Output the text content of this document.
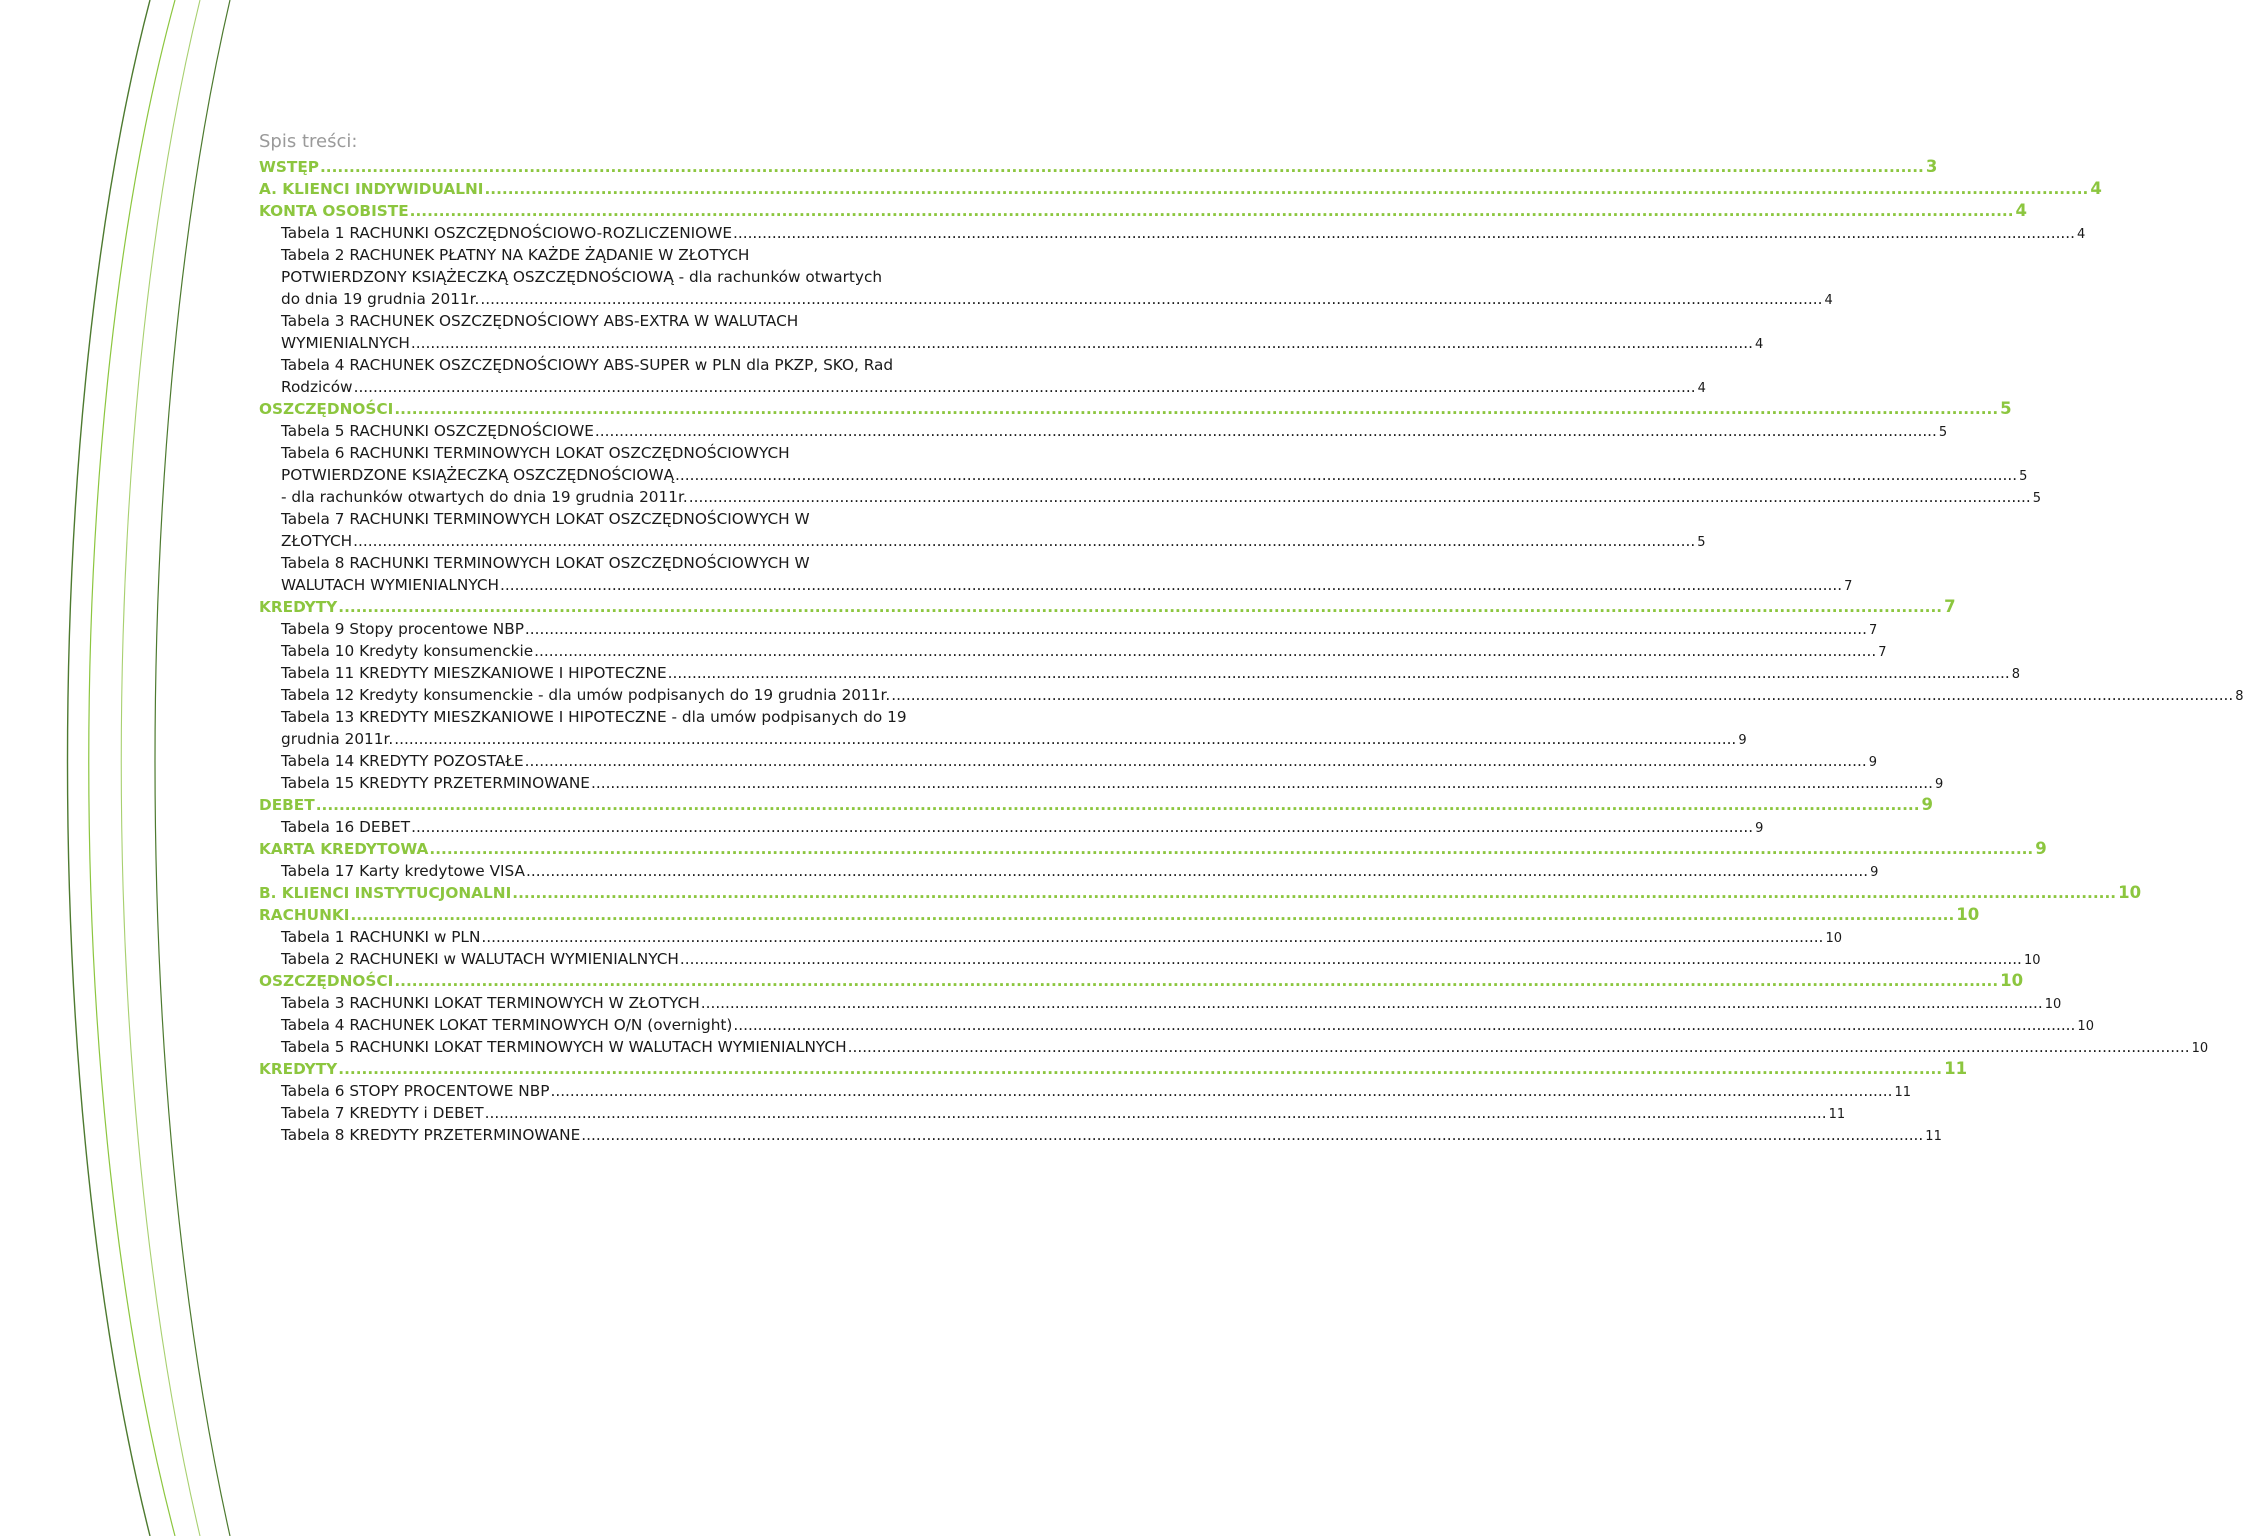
Spis treści:
WSTĘP .....	3
A. KLIENCI INDYWIDUALNI .....	4
KONTA OSOBISTE .....	4
Tabela 1 RACHUNKI OSZCZĘDNOŚCIOWO-ROZLICZENIOWE .....	4
Tabela 2 RACHUNEK PŁATNY NA KAŻDE ŻĄDANIE W ZŁOTYCH
POTWIERDZONY KSIĄŻECZKĄ OSZCZĘDNOŚCIOWĄ - dla rachunków otwartych
do dnia 19 grudnia 2011r. .....	4
Tabela 3 RACHUNEK OSZCZĘDNOŚCIOWY ABS-EXTRA W WALUTACH
WYMIENIALNYCH .....	4
Tabela 4 RACHUNEK OSZCZĘDNOŚCIOWY ABS-SUPER w PLN dla PKZP, SKO, Rad
Rodziców .....	4
OSZCZĘDNOŚCI .....	5
Tabela 5 RACHUNKI OSZCZĘDNOŚCIOWE .....	5
Tabela 6 RACHUNKI TERMINOWYCH LOKAT OSZCZĘDNOŚCIOWYCH
POTWIERDZONE KSIĄŻECZKĄ OSZCZĘDNOŚCIOWĄ .....	5
- dla rachunków otwartych do dnia 19 grudnia 2011r. .....	5
Tabela 7 RACHUNKI TERMINOWYCH LOKAT OSZCZĘDNOŚCIOWYCH W
ZŁOTYCH .....	5
Tabela 8 RACHUNKI TERMINOWYCH LOKAT OSZCZĘDNOŚCIOWYCH W
WALUTACH WYMIENIALNYCH .....	7
KREDYTY .....	7
Tabela 9 Stopy procentowe NBP .....	7
Tabela 10 Kredyty konsumenckie .....	7
Tabela 11 KREDYTY MIESZKANIOWE I HIPOTECZNE .....	8
Tabela 12 Kredyty konsumenckie - dla umów podpisanych do 19 grudnia 2011r. .....	8
Tabela 13 KREDYTY MIESZKANIOWE I HIPOTECZNE - dla umów podpisanych do 19
grudnia 2011r. .....	9
Tabela 14 KREDYTY POZOSTAŁE .....	9
Tabela 15 KREDYTY PRZETERMINOWANE .....	9
DEBET .....	9
Tabela 16 DEBET .....	9
KARTA KREDYTOWA .....	9
Tabela 17 Karty kredytowe VISA .....	9
B. KLIENCI INSTYTUCJONALNI .....	10
RACHUNKI .....	10
Tabela 1 RACHUNKI w PLN .....	10
Tabela 2 RACHUNEKI w WALUTACH WYMIENIALNYCH .....	10
OSZCZĘDNOŚCI .....	10
Tabela 3 RACHUNKI LOKAT TERMINOWYCH W ZŁOTYCH .....	10
Tabela 4 RACHUNEK LOKAT TERMINOWYCH O/N (overnight) .....	10
Tabela 5 RACHUNKI LOKAT TERMINOWYCH W WALUTACH WYMIENIALNYCH .....	10
KREDYTY .....	11
Tabela 6 STOPY PROCENTOWE NBP .....	11
Tabela 7 KREDYTY i DEBET .....	11
Tabela 8 KREDYTY PRZETERMINOWANE .....	11
